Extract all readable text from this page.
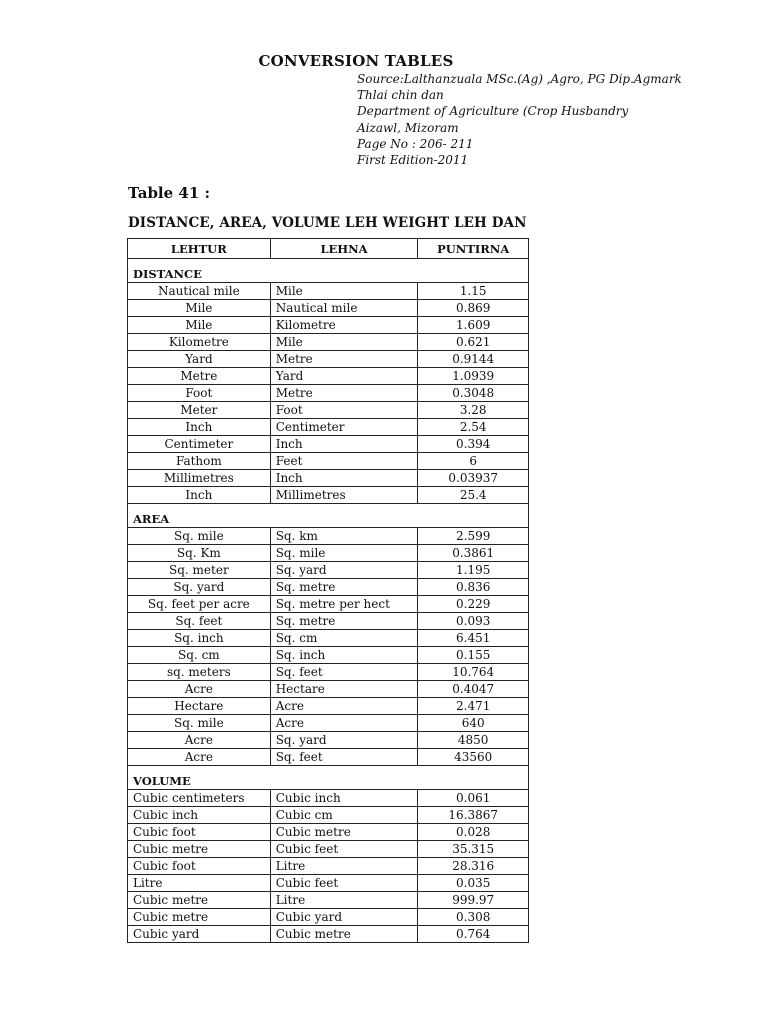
CONVERSION TABLES
Source:Lalthanzuala MSc.(Ag) ,Agro, PG Dip.Agmark
Thlai chin dan
Department of Agriculture (Crop Husbandry
Aizawl, Mizoram
Page No : 206- 211
First Edition-2011
Table 41 :
DISTANCE, AREA, VOLUME LEH WEIGHT LEH DAN
LEHTUR	LEHNA	PUNTIRNA
DISTANCE		
Nautical mile	Mile	1.15
Mile	Nautical mile	0.869
Mile	Kilometre	1.609
Kilometre	Mile	0.621
Yard	Metre	0.9144
Metre	Yard	1.0939
Foot	Metre	0.3048
Meter	Foot	3.28
Inch	Centimeter	2.54
Centimeter	Inch	0.394
Fathom	Feet	6
Millimetres	Inch	0.03937
Inch	Millimetres	25.4
AREA		
Sq. mile	Sq. km	2.599
Sq. Km	Sq. mile	0.3861
Sq. meter	Sq. yard	1.195
Sq. yard	Sq. metre	0.836
Sq. feet per acre	Sq. metre per hect	0.229
Sq. feet	Sq. metre	0.093
Sq. inch	Sq. cm	6.451
Sq. cm	Sq. inch	0.155
sq. meters	Sq. feet	10.764
Acre	Hectare	0.4047
Hectare	Acre	2.471
Sq. mile	Acre	640
Acre	Sq. yard	4850
Acre	Sq. feet	43560
VOLUME		
Cubic centimeters	Cubic inch	0.061
Cubic inch	Cubic cm	16.3867
Cubic foot	Cubic metre	0.028
Cubic metre	Cubic feet	35.315
Cubic foot	Litre	28.316
Litre	Cubic feet	0.035
Cubic metre	Litre	999.97
Cubic metre	Cubic yard	0.308
Cubic yard	Cubic metre	0.764
